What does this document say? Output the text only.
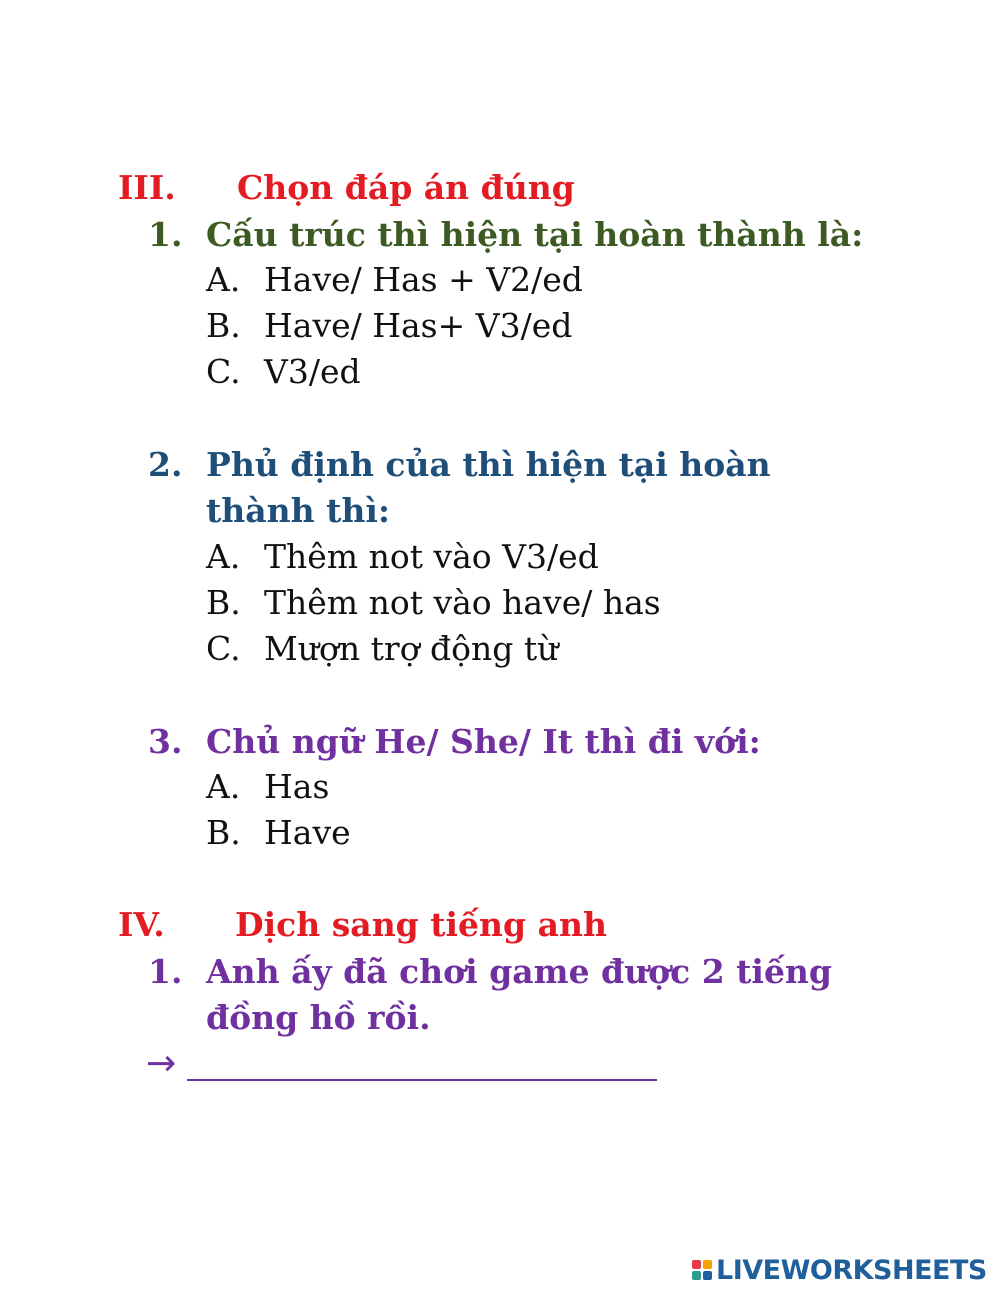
III. Chọn đáp án đúng
1. Cấu trúc thì hiện tại hoàn thành là:
A. Have/ Has + V2/ed
B. Have/ Has+ V3/ed
C. V3/ed
2. Phủ định của thì hiện tại hoàn
thành thì:
A. Thêm not vào V3/ed
B. Thêm not vào have/ has
C. Mượn trợ động từ
3. Chủ ngữ He/ She/ It thì đi với:
A. Has
B. Have
IV. Dịch sang tiếng anh
1. Anh ấy đã chơi game được 2 tiếng
đồng hồ rồi.
→
LIVEWORKSHEETS
